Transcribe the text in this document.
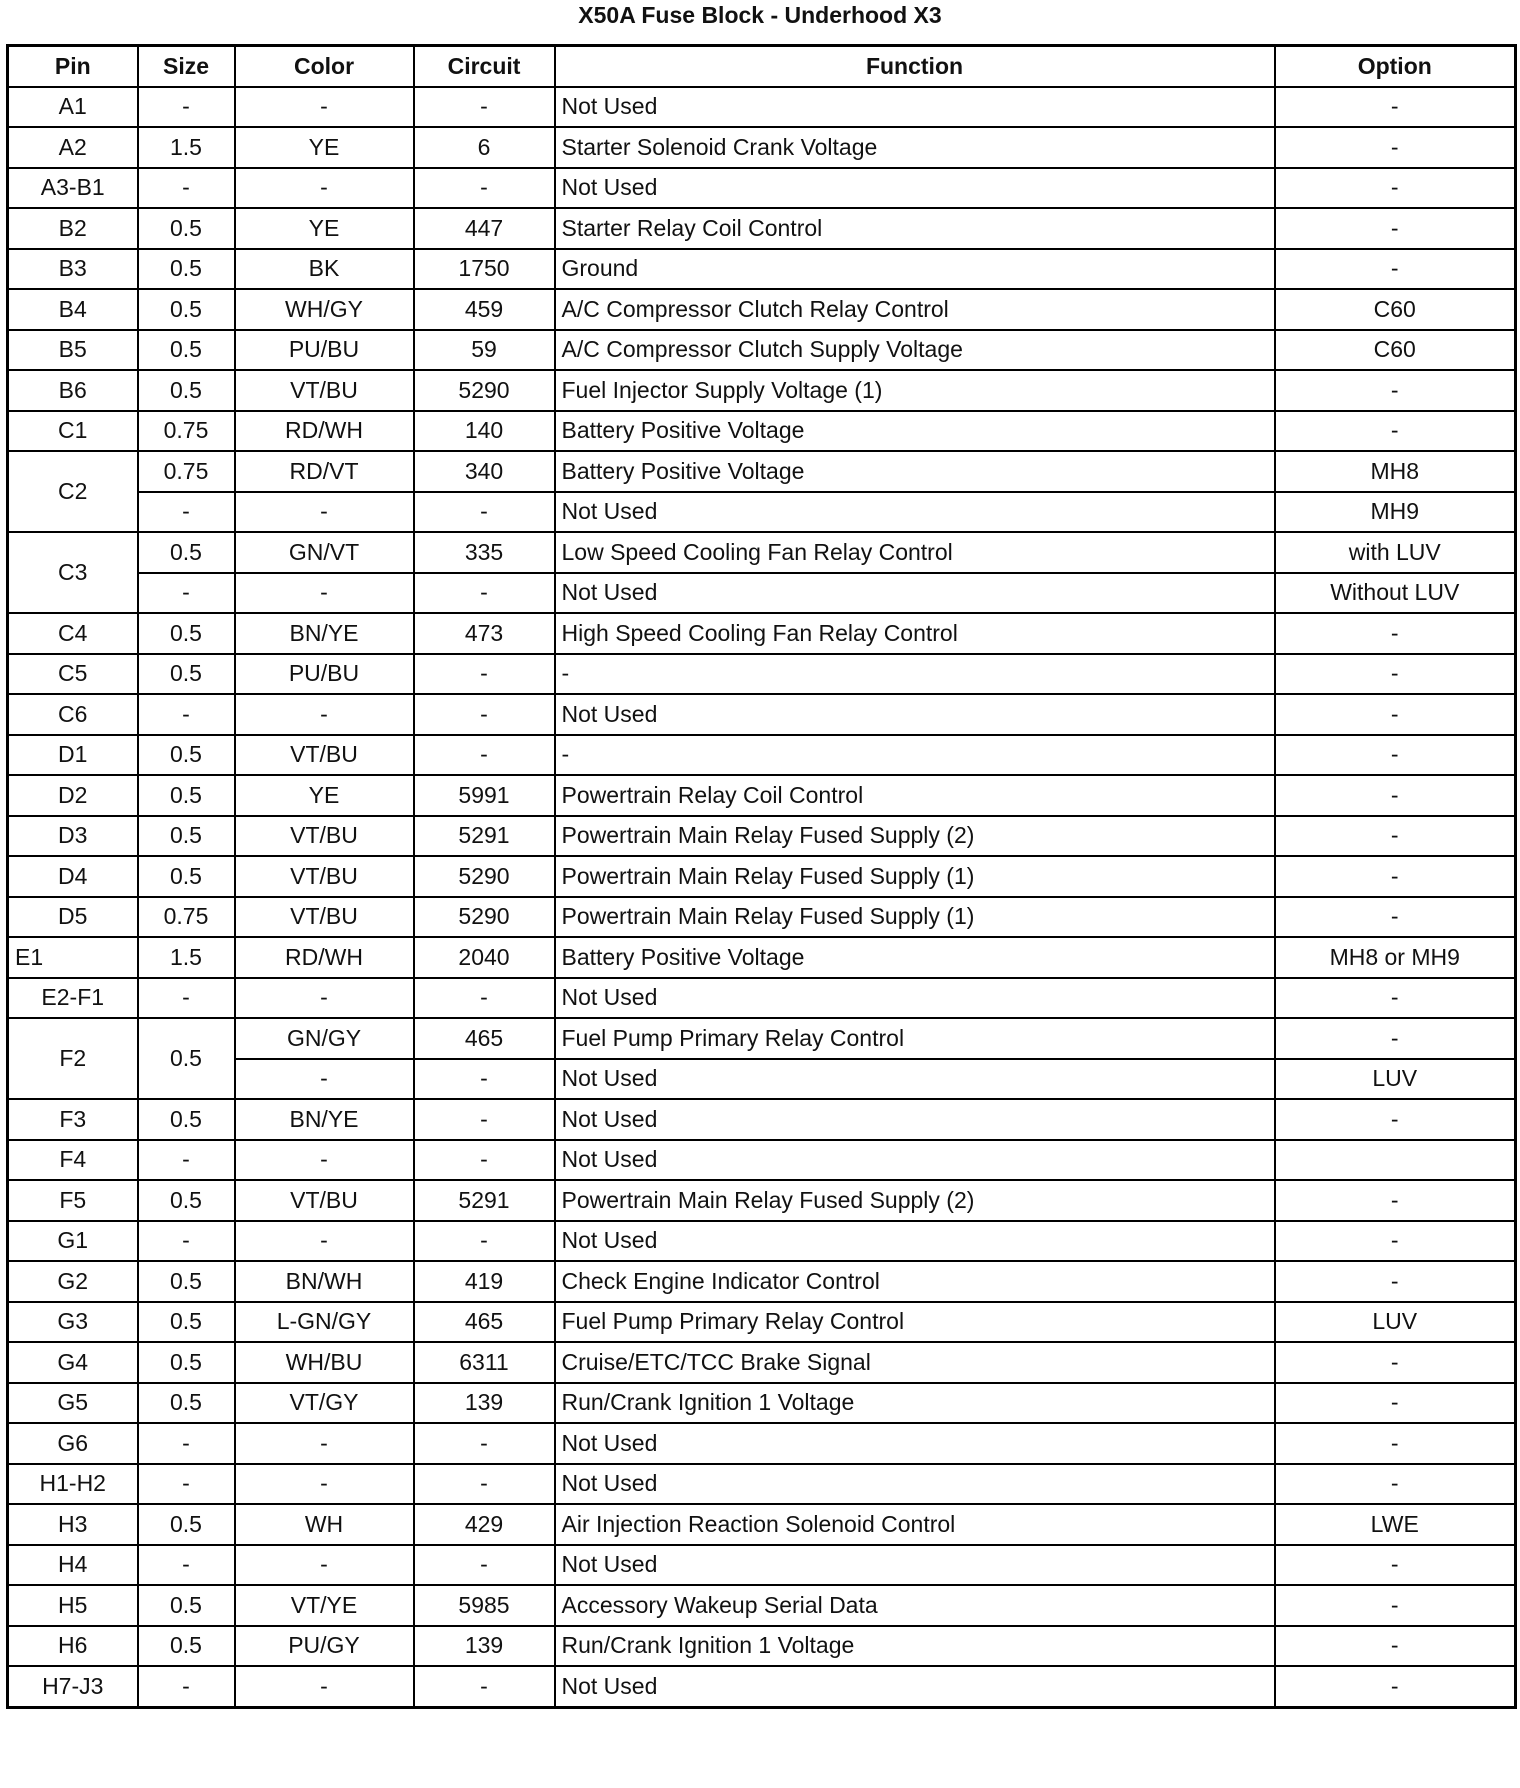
X50A Fuse Block - Underhood X3
Pin	Size	Color	Circuit	Function	Option
A1	-	-	-	Not Used	-
A2	1.5	YE	6	Starter Solenoid Crank Voltage	-
A3-B1	-	-	-	Not Used	-
B2	0.5	YE	447	Starter Relay Coil Control	-
B3	0.5	BK	1750	Ground	-
B4	0.5	WH/GY	459	A/C Compressor Clutch Relay Control	C60
B5	0.5	PU/BU	59	A/C Compressor Clutch Supply Voltage	C60
B6	0.5	VT/BU	5290	Fuel Injector Supply Voltage (1)	-
C1	0.75	RD/WH	140	Battery Positive Voltage	-
C2	0.75	RD/VT	340	Battery Positive Voltage	MH8
	-	-	-	Not Used	MH9
C3	0.5	GN/VT	335	Low Speed Cooling Fan Relay Control	with LUV
	-	-	-	Not Used	Without LUV
C4	0.5	BN/YE	473	High Speed Cooling Fan Relay Control	-
C5	0.5	PU/BU	-	-	-
C6	-	-	-	Not Used	-
D1	0.5	VT/BU	-	-	-
D2	0.5	YE	5991	Powertrain Relay Coil Control	-
D3	0.5	VT/BU	5291	Powertrain Main Relay Fused Supply (2)	-
D4	0.5	VT/BU	5290	Powertrain Main Relay Fused Supply (1)	-
D5	0.75	VT/BU	5290	Powertrain Main Relay Fused Supply (1)	-
E1	1.5	RD/WH	2040	Battery Positive Voltage	MH8 or MH9
E2-F1	-	-	-	Not Used	-
F2	0.5	GN/GY	465	Fuel Pump Primary Relay Control	-
		-	-	Not Used	LUV
F3	0.5	BN/YE	-	Not Used	-
F4	-	-	-	Not Used	
F5	0.5	VT/BU	5291	Powertrain Main Relay Fused Supply (2)	-
G1	-	-	-	Not Used	-
G2	0.5	BN/WH	419	Check Engine Indicator Control	-
G3	0.5	L-GN/GY	465	Fuel Pump Primary Relay Control	LUV
G4	0.5	WH/BU	6311	Cruise/ETC/TCC Brake Signal	-
G5	0.5	VT/GY	139	Run/Crank Ignition 1 Voltage	-
G6	-	-	-	Not Used	-
H1-H2	-	-	-	Not Used	-
H3	0.5	WH	429	Air Injection Reaction Solenoid Control	LWE
H4	-	-	-	Not Used	-
H5	0.5	VT/YE	5985	Accessory Wakeup Serial Data	-
H6	0.5	PU/GY	139	Run/Crank Ignition 1 Voltage	-
H7-J3	-	-	-	Not Used	-
